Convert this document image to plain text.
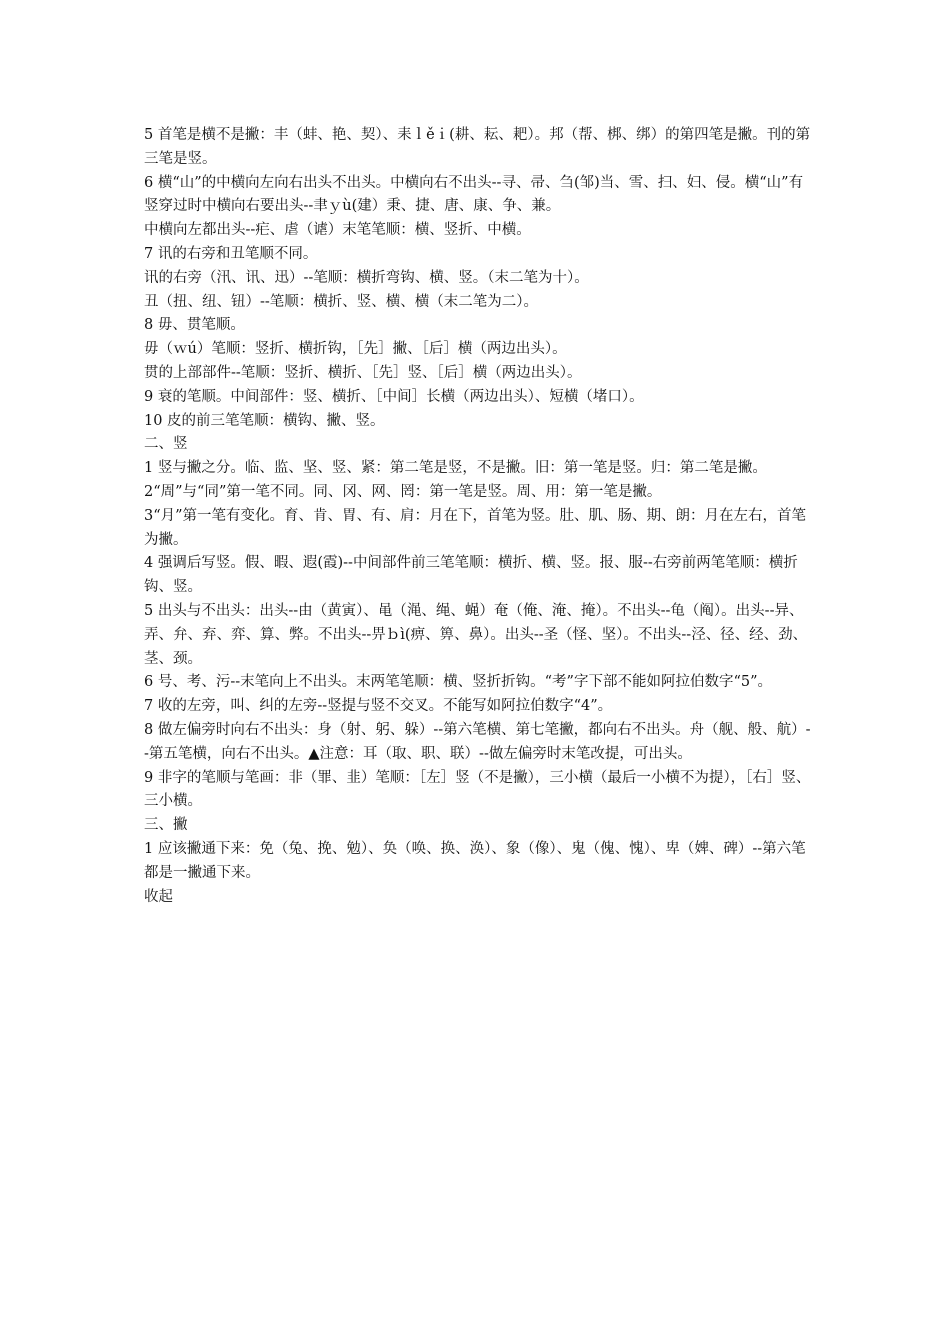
5 首笔是横不是撇：丰（蚌、艳、契）、耒ｌěｉ(耕、耘、耙）。邦（帮、梆、绑）的第四笔是撇。刊的第三笔是竖。

6 横“山”的中横向左向右出头不出头。中横向右不出头--寻、帚、刍(邹)当、雪、扫、妇、侵。横“山”有竖穿过时中横向右要出头--聿ｙù(建）秉、捷、唐、康、争、兼。

中横向左都出头--疟、虐（谑）末笔笔顺：横、竖折、中横。

7 讯的右旁和丑笔顺不同。

讯的右旁（汛、讯、迅）--笔顺：横折弯钩、横、竖。（末二笔为十）。

丑（扭、纽、钮）--笔顺：横折、竖、横、横（末二笔为二）。

8 毋、贯笔顺。

毋（ｗú）笔顺：竖折、横折钩，［先］撇、［后］横（两边出头）。

贯的上部部件--笔顺：竖折、横折、［先］竖、［后］横（两边出头）。

9 衰的笔顺。中间部件：竖、横折、［中间］长横（两边出头）、短横（堵口）。

10 皮的前三笔笔顺：横钩、撇、竖。

二、竖

1 竖与撇之分。临、监、坚、竖、紧：第二笔是竖，不是撇。旧：第一笔是竖。归：第二笔是撇。

2“周”与“同”第一笔不同。同、冈、网、罔：第一笔是竖。周、用：第一笔是撇。

3“月”第一笔有变化。育、肯、胃、有、肩：月在下，首笔为竖。肚、肌、肠、期、朗：月在左右，首笔为撇。

4 强调后写竖。假、暇、遐(霞)--中间部件前三笔笔顺：横折、横、竖。报、服--右旁前两笔笔顺：横折钩、竖。

5 出头与不出头：出头--由（黄寅）、黾（渑、绳、蝇）奄（俺、淹、掩）。不出头--龟（阄）。出头--异、弄、弁、弃、弈、算、弊。不出头--畀ｂì(痹、箅、鼻）。出头--圣（怪、坚）。不出头--泾、径、经、劲、茎、颈。

6 号、考、污--末笔向上不出头。末两笔笔顺：横、竖折折钩。“考”字下部不能如阿拉伯数字“5”。

7 收的左旁，叫、纠的左旁--竖提与竖不交叉。不能写如阿拉伯数字“4”。

8 做左偏旁时向右不出头：身（射、躬、躲）--第六笔横、第七笔撇，都向右不出头。舟（舰、般、航）--第五笔横，向右不出头。▲注意：耳（取、职、联）--做左偏旁时末笔改提，可出头。

9 非字的笔顺与笔画：非（罪、韭）笔顺：［左］竖（不是撇），三小横（最后一小横不为提），［右］竖、三小横。

三、撇

1 应该撇通下来：免（兔、挽、勉）、奂（唤、换、涣）、象（像）、鬼（傀、愧）、卑（婢、碑）--第六笔都是一撇通下来。

收起
